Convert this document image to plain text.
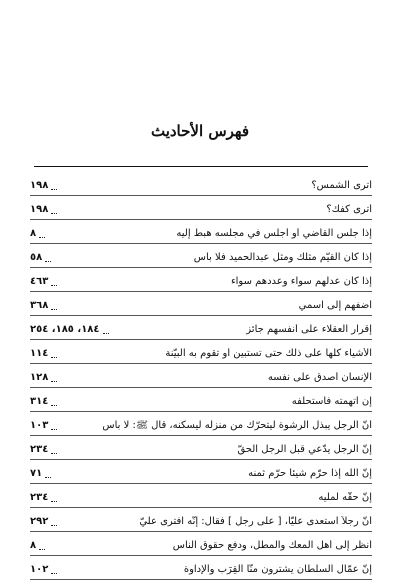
فهرس الأحاديث
أترى الشمس؟
١٩٨
أترى كفك؟
١٩٨
إذا جلس القاضي أو أجلس في مجلسه هبط إليه
٨
إذا كان القيّم مثلك ومثل عبدالحميد فلا بأس
٥٨
إذا كان عدلهم سواء وعددهم سواء
٤٦٣
أضفهم إلى اسمي
٣٦٨
إقرار العقلاء على أنفسهم جائز
١٨٤، ١٨٥، ٢٥٤
الأشياء كلّها على ذلك حتى تستبين أو تقوم به البيّنة
١١٤
الإنسان أصدق على نفسه
١٢٨
إن اتهمته فاستحلفه
٣١٤
أنّ الرجل يبذل الرشوة ليتحرّك من منزله ليسكنه، قال ﷺ: لا بأس
١٠٣
إنّ الرجل يدّعي قبل الرجل الحقّ
٢٣٤
إنّ الله إذا حرّم شيئاً حرّم ثمنه
٧١
إنّ حقّه لمليه
٢٣٤
أنّ رجلاً استعدى عليّاً، [ على رجل ] فقال: إنّه افترى عليّ
٢٩٢
أنظر إلى أهل المعك والمطل، ودفع حقوق الناس
٨
إنّ عمّال السلطان يشترون منّا القِرَب والإداوة
١٠٢
